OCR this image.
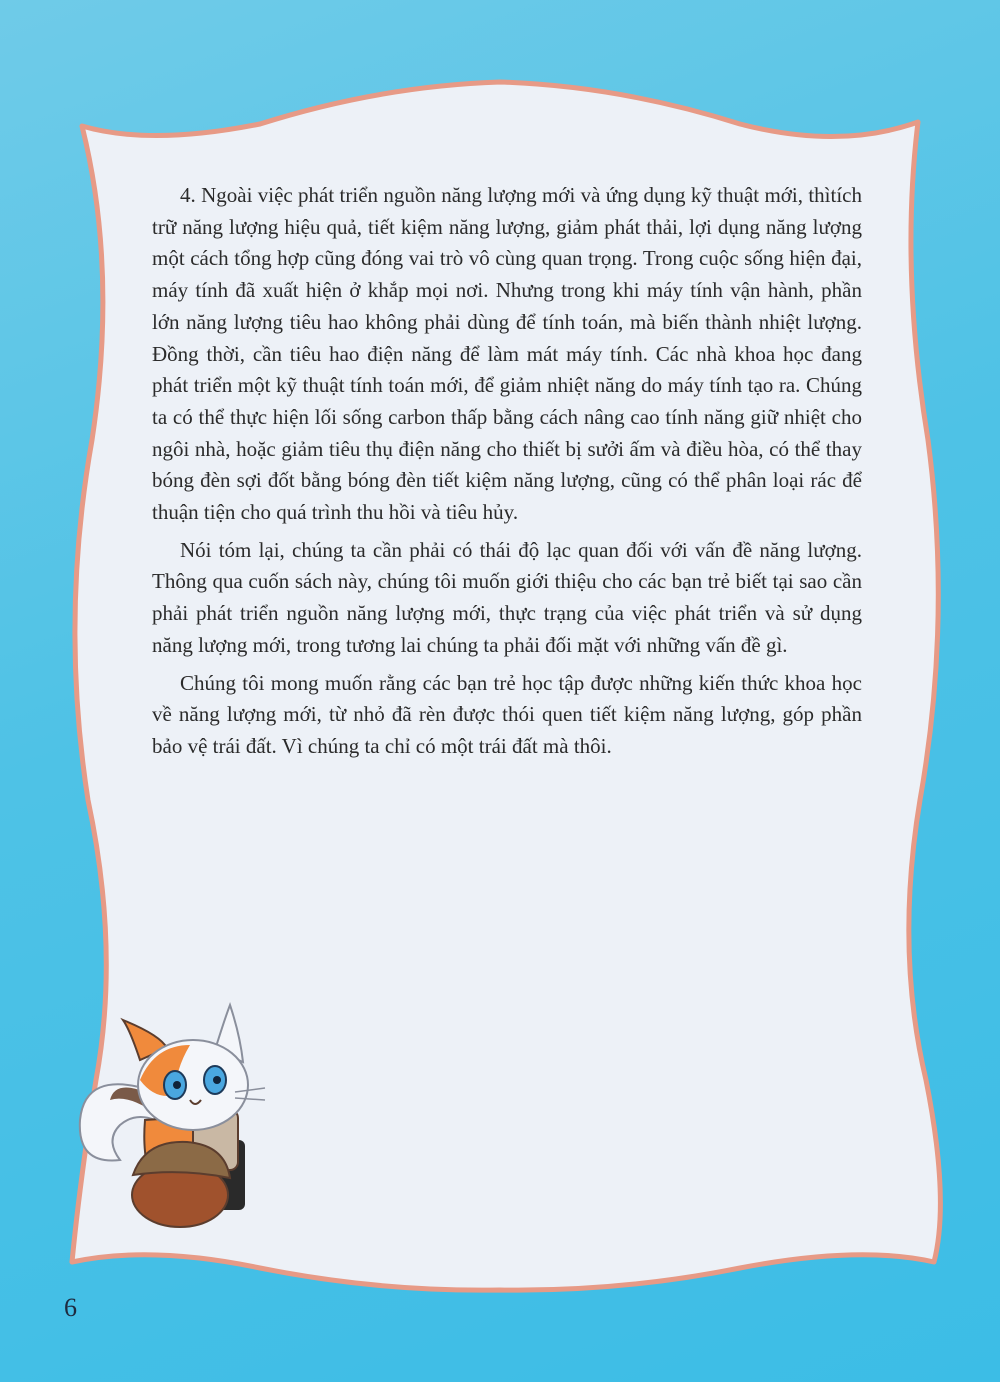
4. Ngoài việc phát triển nguồn năng lượng mới và ứng dụng kỹ thuật mới, thìtích trữ năng lượng hiệu quả, tiết kiệm năng lượng, giảm phát thải, lợi dụng năng lượng một cách tổng hợp cũng đóng vai trò vô cùng quan trọng. Trong cuộc sống hiện đại, máy tính đã xuất hiện ở khắp mọi nơi. Nhưng trong khi máy tính vận hành, phần lớn năng lượng tiêu hao không phải dùng để tính toán, mà biến thành nhiệt lượng. Đồng thời, cần tiêu hao điện năng để làm mát máy tính. Các nhà khoa học đang phát triển một kỹ thuật tính toán mới, để giảm nhiệt năng do máy tính tạo ra. Chúng ta có thể thực hiện lối sống carbon thấp bằng cách nâng cao tính năng giữ nhiệt cho ngôi nhà, hoặc giảm tiêu thụ điện năng cho thiết bị sưởi ấm và điều hòa, có thể thay bóng đèn sợi đốt bằng bóng đèn tiết kiệm năng lượng, cũng có thể phân loại rác để thuận tiện cho quá trình thu hồi và tiêu hủy.

Nói tóm lại, chúng ta cần phải có thái độ lạc quan đối với vấn đề năng lượng. Thông qua cuốn sách này, chúng tôi muốn giới thiệu cho các bạn trẻ biết tại sao cần phải phát triển nguồn năng lượng mới, thực trạng của việc phát triển và sử dụng năng lượng mới, trong tương lai chúng ta phải đối mặt với những vấn đề gì.

Chúng tôi mong muốn rằng các bạn trẻ học tập được những kiến thức khoa học về năng lượng mới, từ nhỏ đã rèn được thói quen tiết kiệm năng lượng, góp phần bảo vệ trái đất. Vì chúng ta chỉ có một trái đất mà thôi.

6
